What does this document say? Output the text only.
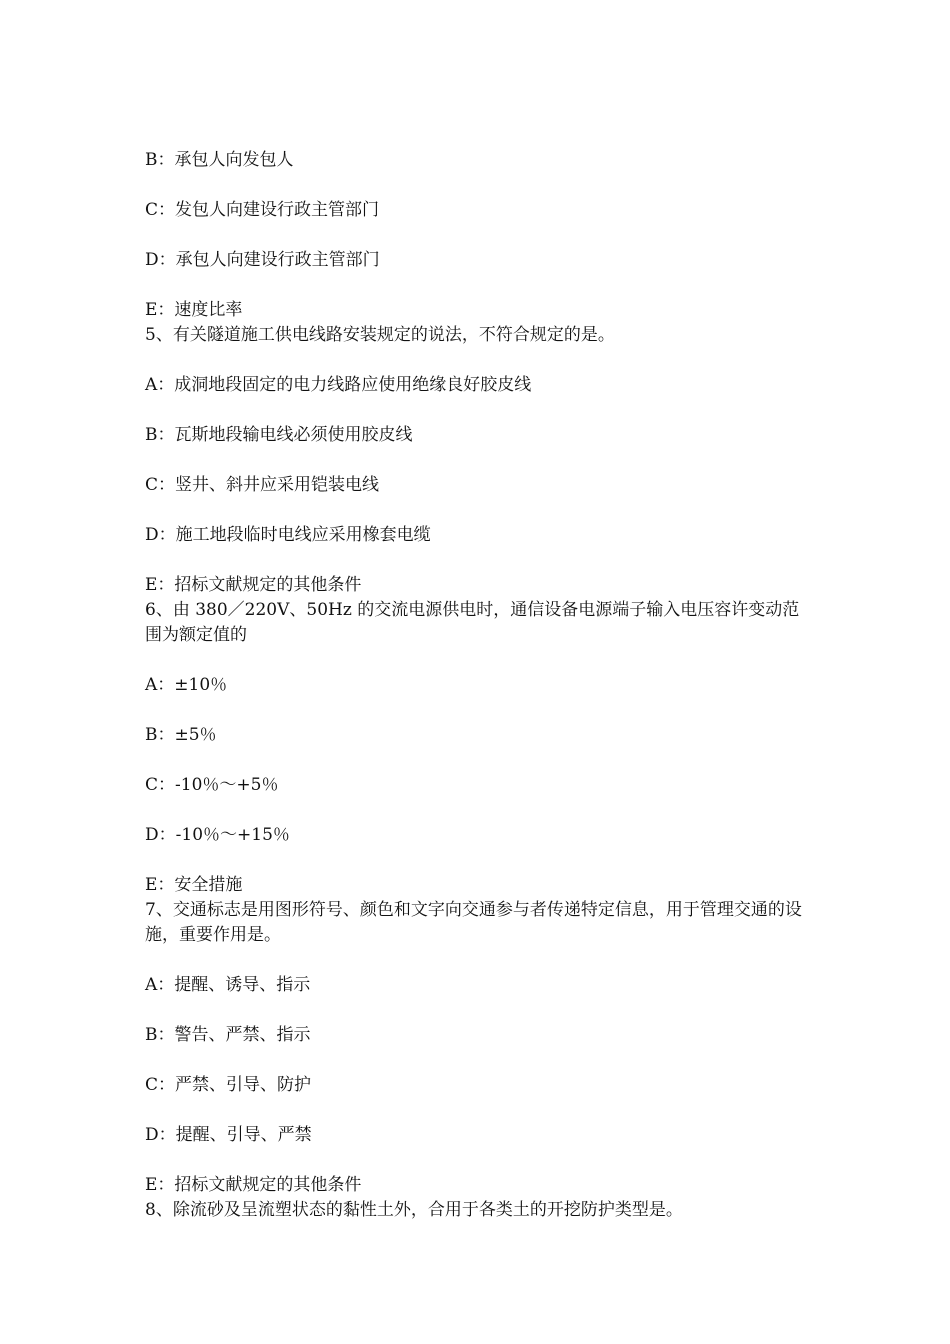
B：承包人向发包人
C：发包人向建设行政主管部门
D：承包人向建设行政主管部门
E：速度比率
5、有关隧道施工供电线路安装规定的说法，不符合规定的是。
A：成洞地段固定的电力线路应使用绝缘良好胶皮线
B：瓦斯地段输电线必须使用胶皮线
C：竖井、斜井应采用铠装电线
D：施工地段临时电线应采用橡套电缆
E：招标文献规定的其他条件
6、由 380／220V、50Hz 的交流电源供电时，通信设备电源端子输入电压容许变动范围为额定值的
A：±10％
B：±5％
C：-10％～+5％
D：-10％～+15％
E：安全措施
7、交通标志是用图形符号、颜色和文字向交通参与者传递特定信息，用于管理交通的设施，重要作用是。
A：提醒、诱导、指示
B：警告、严禁、指示
C：严禁、引导、防护
D：提醒、引导、严禁
E：招标文献规定的其他条件
8、除流砂及呈流塑状态的黏性土外，合用于各类土的开挖防护类型是。
